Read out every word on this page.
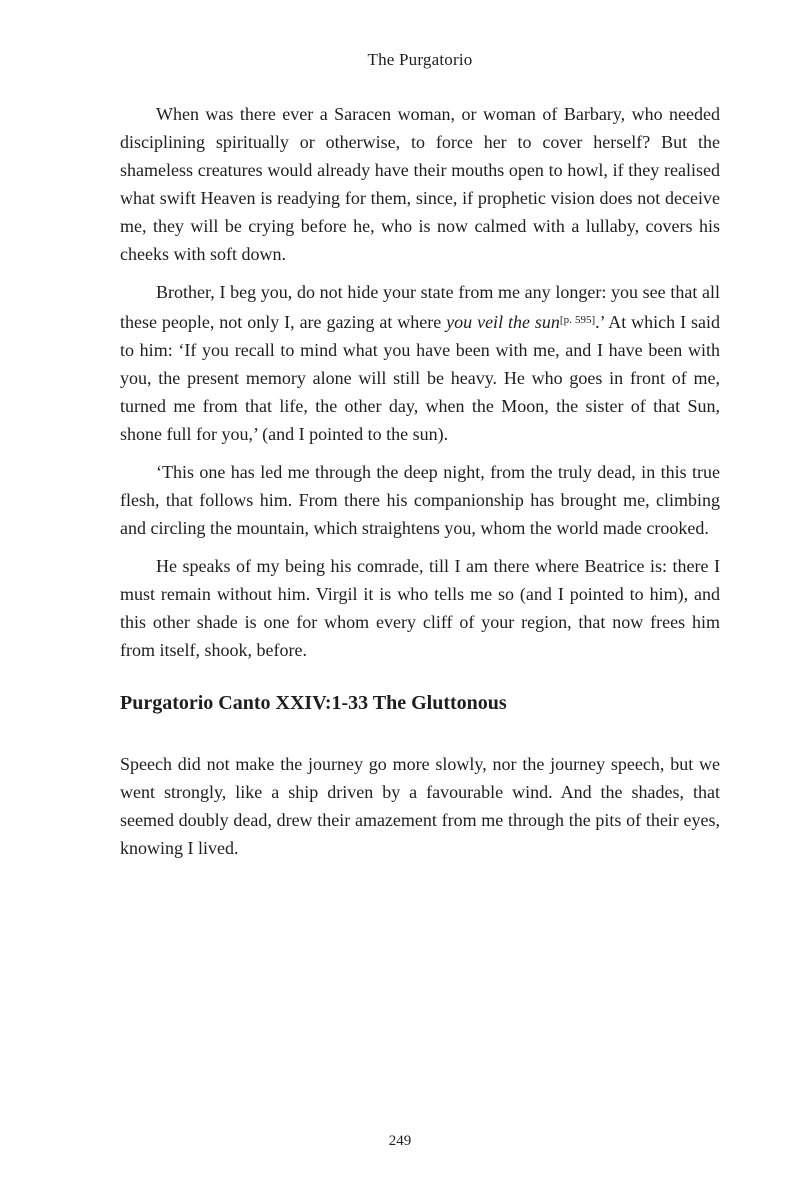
The Purgatorio

When was there ever a Saracen woman, or woman of Barbary, who needed disciplining spiritually or otherwise, to force her to cover herself? But the shameless creatures would already have their mouths open to howl, if they realised what swift Heaven is readying for them, since, if prophetic vision does not deceive me, they will be crying before he, who is now calmed with a lullaby, covers his cheeks with soft down.

Brother, I beg you, do not hide your state from me any longer: you see that all these people, not only I, are gazing at where you veil the sun[p. 595].’ At which I said to him: ‘If you recall to mind what you have been with me, and I have been with you, the present memory alone will still be heavy. He who goes in front of me, turned me from that life, the other day, when the Moon, the sister of that Sun, shone full for you,’ (and I pointed to the sun).

‘This one has led me through the deep night, from the truly dead, in this true flesh, that follows him. From there his companionship has brought me, climbing and circling the mountain, which straightens you, whom the world made crooked.

He speaks of my being his comrade, till I am there where Beatrice is: there I must remain without him. Virgil it is who tells me so (and I pointed to him), and this other shade is one for whom every cliff of your region, that now frees him from itself, shook, before.

Purgatorio Canto XXIV:1-33 The Gluttonous

Speech did not make the journey go more slowly, nor the journey speech, but we went strongly, like a ship driven by a favourable wind. And the shades, that seemed doubly dead, drew their amazement from me through the pits of their eyes, knowing I lived.

249
